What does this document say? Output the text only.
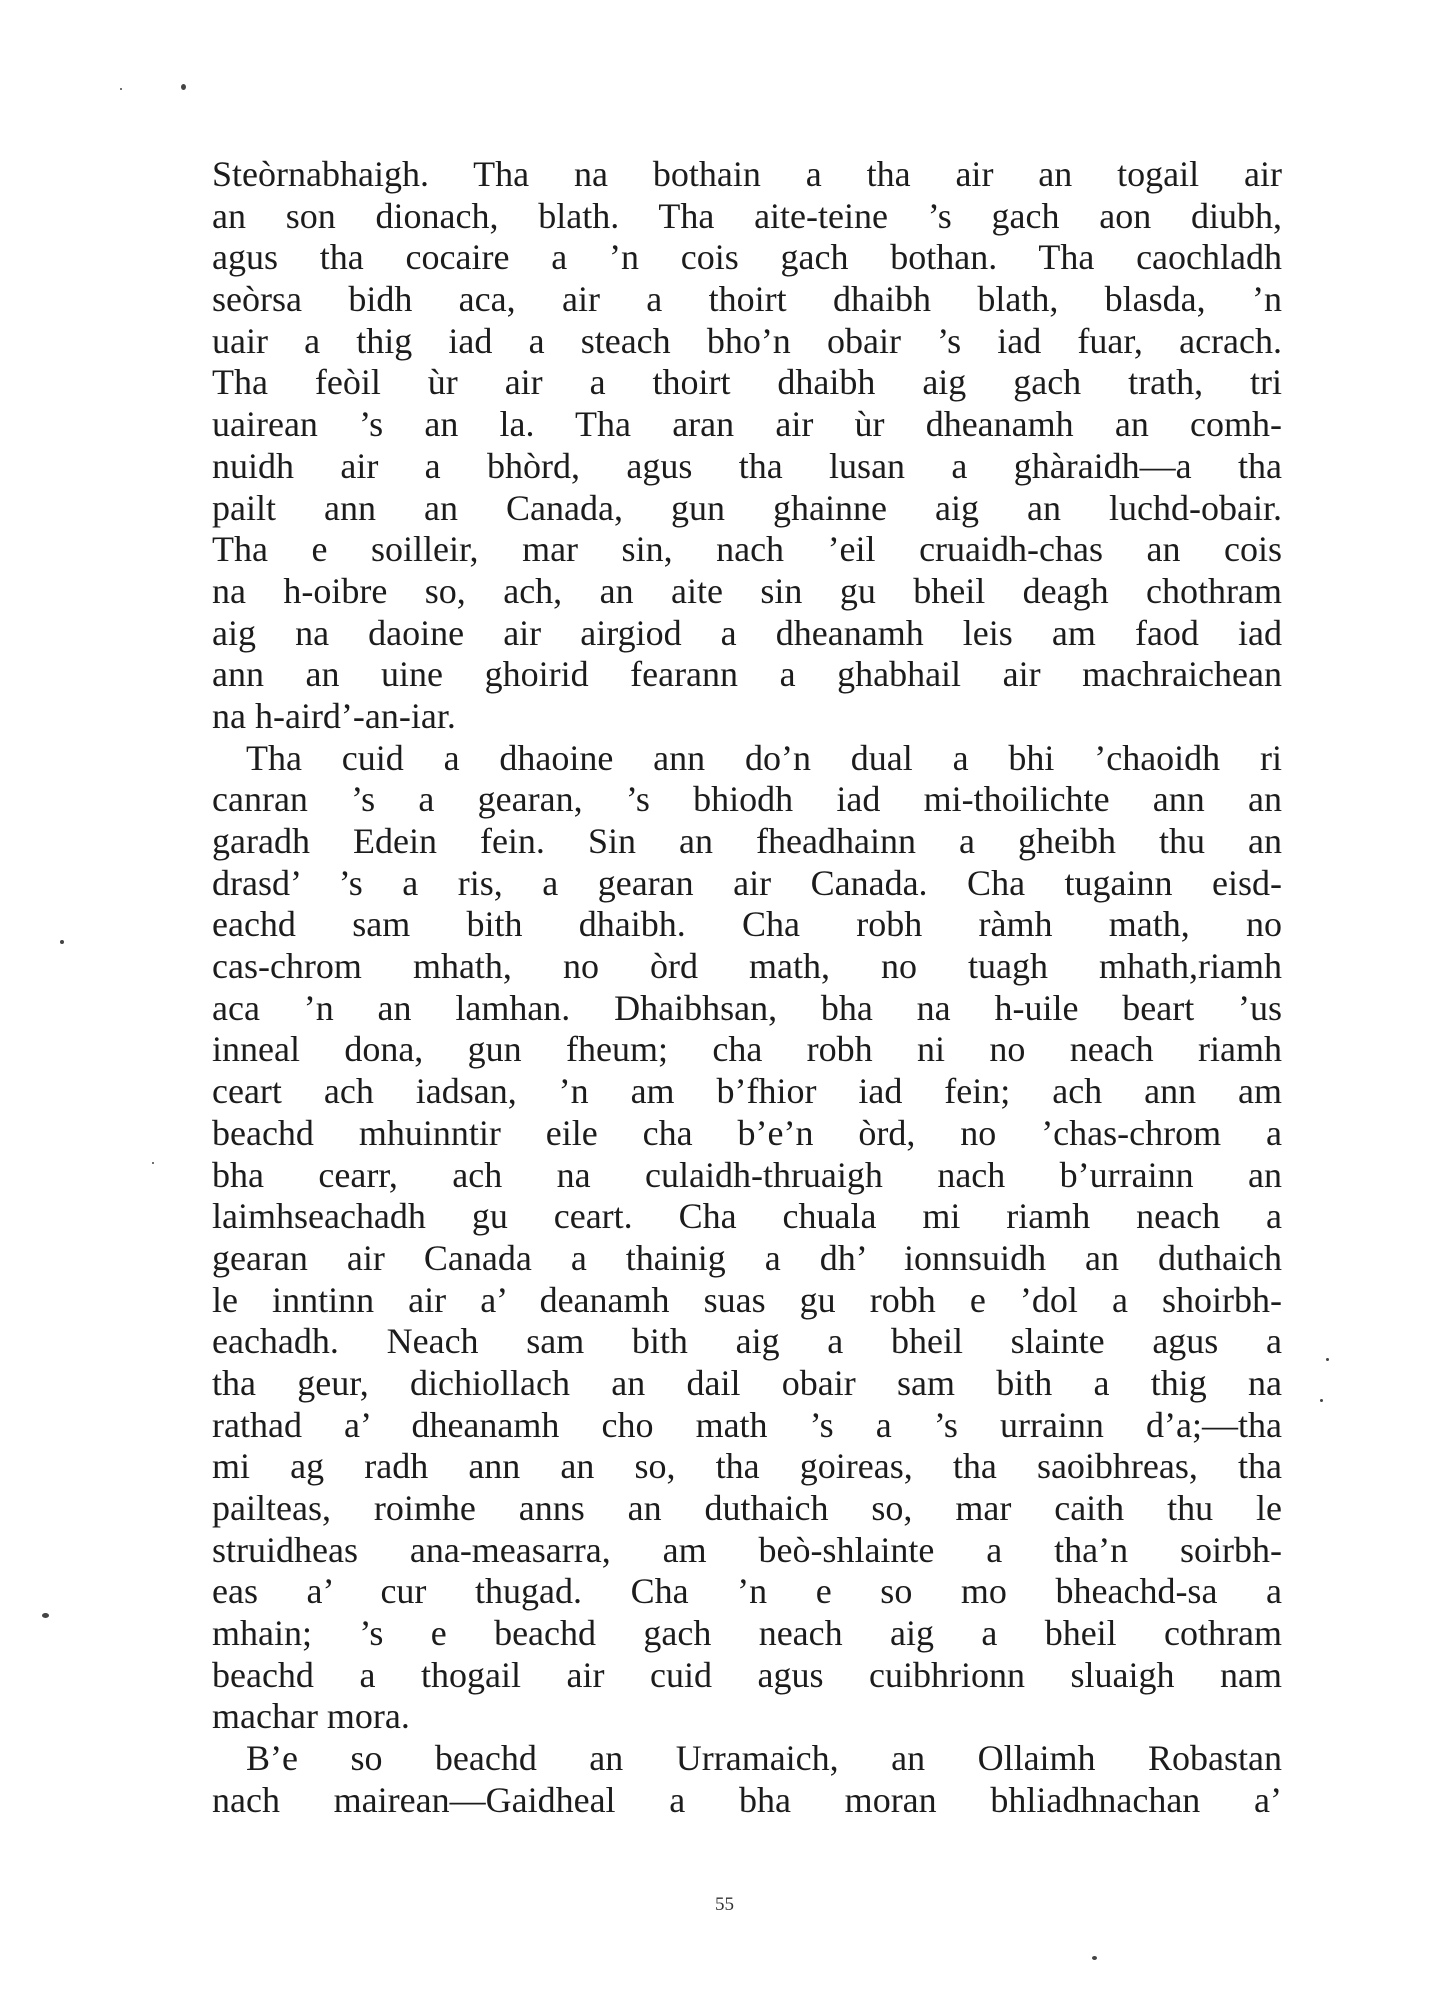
Steòrnabhaigh. Tha na bothain a tha air an togail air
an son dionach, blath. Tha aite-teine ’s gach aon diubh,
agus tha cocaire a ’n cois gach bothan. Tha caochladh
seòrsa bidh aca, air a thoirt dhaibh blath, blasda, ’n
uair a thig iad a steach bho’n obair ’s iad fuar, acrach.
Tha feòil ùr air a thoirt dhaibh aig gach trath, tri
uairean ’s an la. Tha aran air ùr dheanamh an comh-
nuidh air a bhòrd, agus tha lusan a ghàraidh—a tha
pailt ann an Canada, gun ghainne aig an luchd-obair.
Tha e soilleir, mar sin, nach ’eil cruaidh-chas an cois
na h-oibre so, ach, an aite sin gu bheil deagh chothram
aig na daoine air airgiod a dheanamh leis am faod iad
ann an uine ghoirid fearann a ghabhail air machraichean
na h-aird’-an-iar.
Tha cuid a dhaoine ann do’n dual a bhi ’chaoidh ri
canran ’s a gearan, ’s bhiodh iad mi-thoilichte ann an
garadh Edein fein. Sin an fheadhainn a gheibh thu an
drasd’ ’s a ris, a gearan air Canada. Cha tugainn eisd-
eachd sam bith dhaibh. Cha robh ràmh math, no
cas-chrom mhath, no òrd math, no tuagh mhath,riamh
aca ’n an lamhan. Dhaibhsan, bha na h-uile beart ’us
inneal dona, gun fheum; cha robh ni no neach riamh
ceart ach iadsan, ’n am b’fhior iad fein; ach ann am
beachd mhuinntir eile cha b’e’n òrd, no ’chas-chrom a
bha cearr, ach na culaidh-thruaigh nach b’urrainn an
laimhseachadh gu ceart. Cha chuala mi riamh neach a
gearan air Canada a thainig a dh’ ionnsuidh an duthaich
le inntinn air a’ deanamh suas gu robh e ’dol a shoirbh-
eachadh. Neach sam bith aig a bheil slainte agus a
tha geur, dichiollach an dail obair sam bith a thig na
rathad a’ dheanamh cho math ’s a ’s urrainn d’a;—tha
mi ag radh ann an so, tha goireas, tha saoibhreas, tha
pailteas, roimhe anns an duthaich so, mar caith thu le
struidheas ana-measarra, am beò-shlainte a tha’n soirbh-
eas a’ cur thugad. Cha ’n e so mo bheachd-sa a
mhain; ’s e beachd gach neach aig a bheil cothram
beachd a thogail air cuid agus cuibhrionn sluaigh nam
machar mora.
B’e so beachd an Urramaich, an Ollaimh Robastan
nach mairean—Gaidheal a bha moran bhliadhnachan a’
55
